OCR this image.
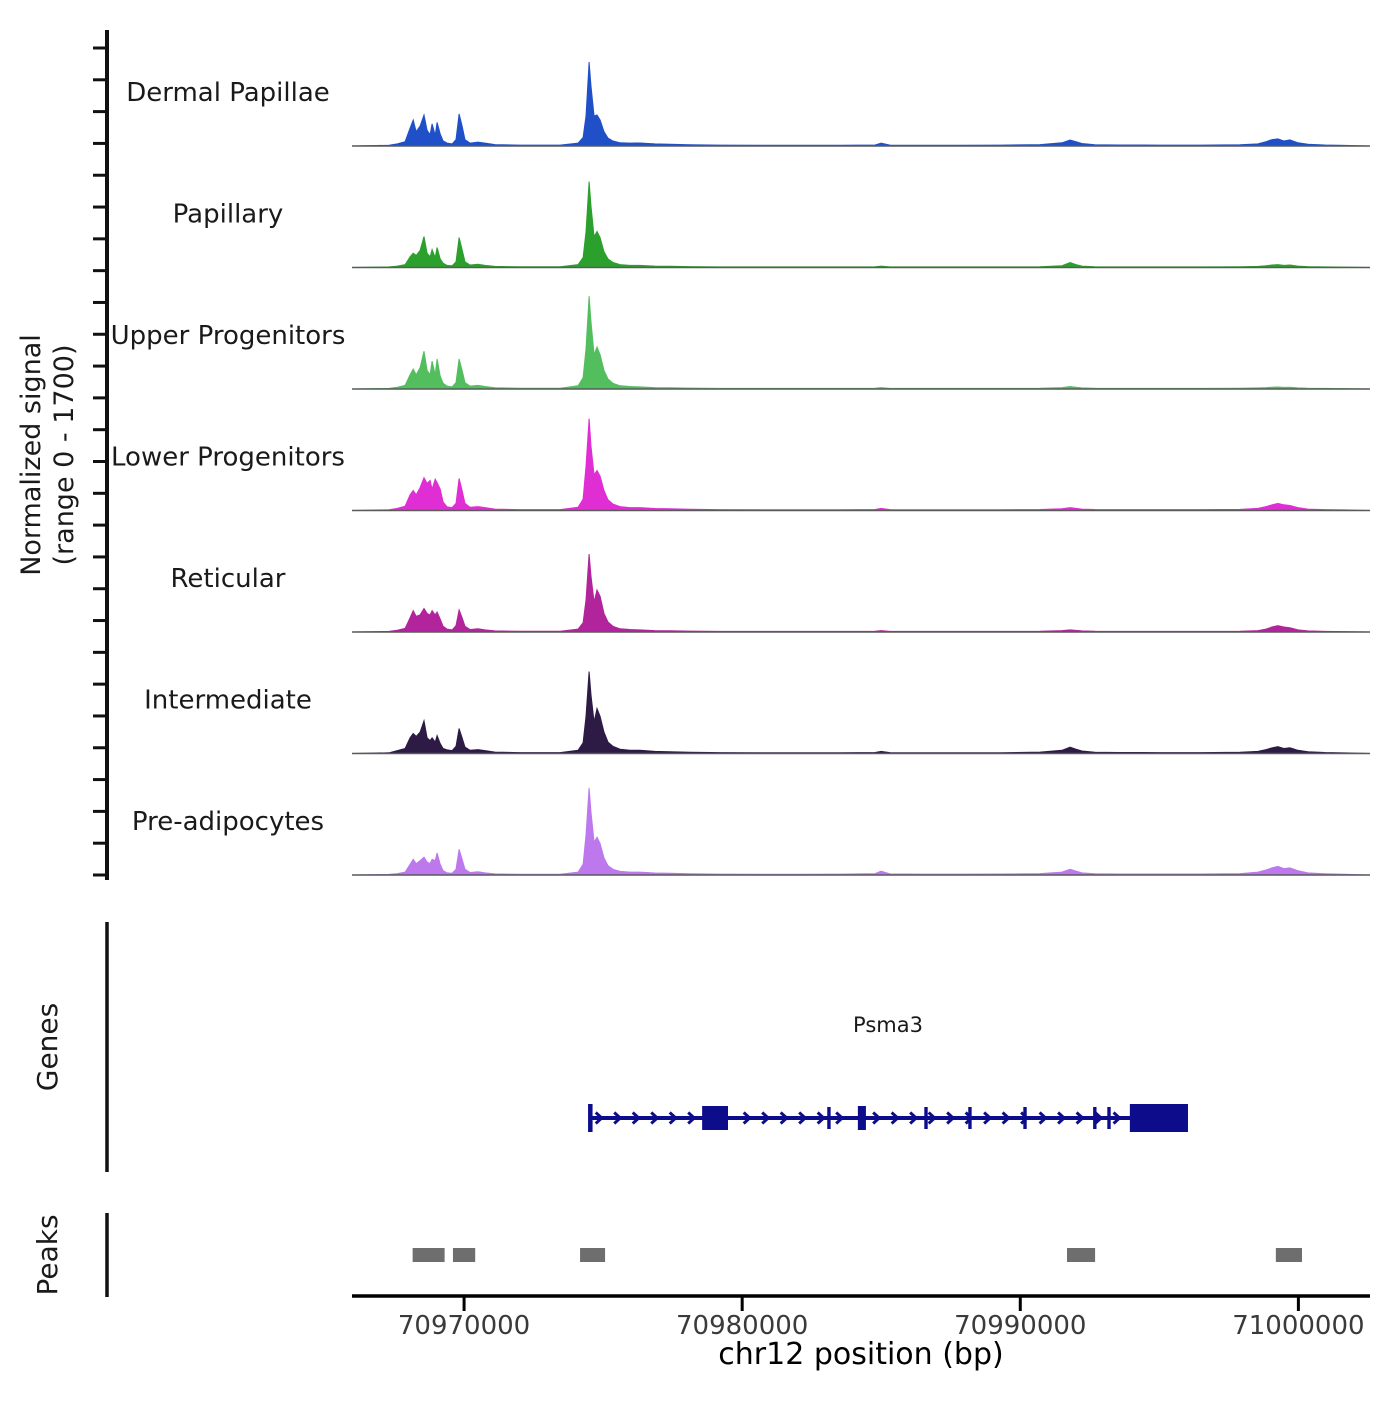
Normalized signal (range 0 - 1700)
Dermal Papillae
Papillary
Upper Progenitors
Lower Progenitors
Reticular
Intermediate
Pre-adipocytes
Genes	Psma3
Peaks
70970000	70980000	70990000	71000000
chr12 position (bp)
